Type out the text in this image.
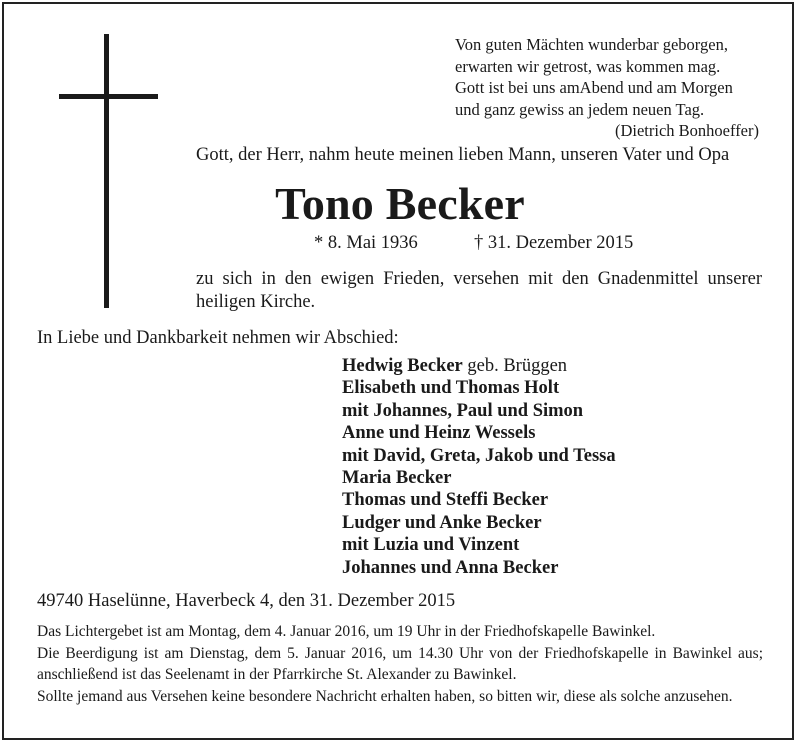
Von guten Mächten wunderbar geborgen,
erwarten wir getrost, was kommen mag.
Gott ist bei uns amAbend und am Morgen
und ganz gewiss an jedem neuen Tag.
(Dietrich Bonhoeffer)
Gott, der Herr, nahm heute meinen lieben Mann, unseren Vater und Opa
Tono Becker
* 8. Mai 1936	† 31. Dezember 2015
zu sich in den ewigen Frieden, versehen mit den Gnadenmittel unserer heiligen Kirche.
In Liebe und Dankbarkeit nehmen wir Abschied:
Hedwig Becker geb. Brüggen
Elisabeth und Thomas Holt
mit Johannes, Paul und Simon
Anne und Heinz Wessels
mit David, Greta, Jakob und Tessa
Maria Becker
Thomas und Steffi Becker
Ludger und Anke Becker
mit Luzia und Vinzent
Johannes und Anna Becker
49740 Haselünne, Haverbeck 4, den 31. Dezember 2015
Das Lichtergebet ist am Montag, dem 4. Januar 2016, um 19 Uhr in der Friedhofskapelle Bawinkel.
Die Beerdigung ist am Dienstag, dem 5. Januar 2016, um 14.30 Uhr von der Friedhofskapelle in Bawinkel aus; anschließend ist das Seelenamt in der Pfarrkirche St. Alexander zu Bawinkel.
Sollte jemand aus Versehen keine besondere Nachricht erhalten haben, so bitten wir, diese als solche anzusehen.
